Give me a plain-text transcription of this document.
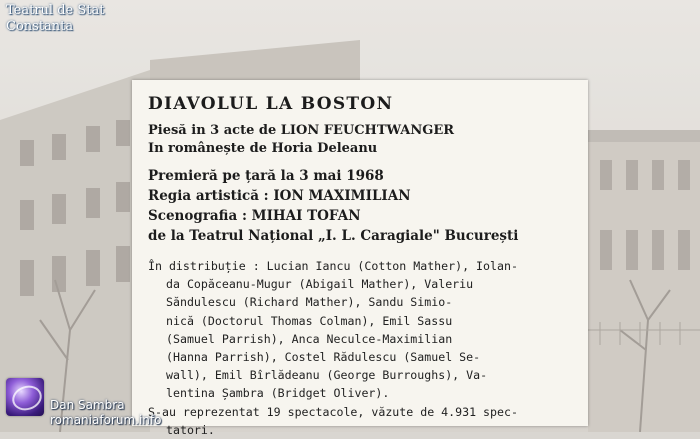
Teatrul de Stat
Constanta
DIAVOLUL LA BOSTON
Piesă in 3 acte de LION FEUCHTWANGER
In românește de Horia Deleanu
Premieră pe țară la 3 mai 1968
Regia artistică : ION MAXIMILIAN
Scenografia : MIHAI TOFAN
de la Teatrul Național „I. L. Caragiale" București
În distribuție : Lucian Iancu (Cotton Mather), Iolan-
da Copăceanu-Mugur (Abigail Mather), Valeriu
Săndulescu (Richard Mather), Sandu Simio-
nică (Doctorul Thomas Colman), Emil Sassu
(Samuel Parrish), Anca Neculce-Maximilian
(Hanna Parrish), Costel Rădulescu (Samuel Se-
wall), Emil Bîrlădeanu (George Burroughs), Va-
lentina Șambra (Bridget Oliver).
S-au reprezentat 19 spectacole, văzute de 4.931 spec-
tatori.
Dan Sambra
romaniaforum.info
